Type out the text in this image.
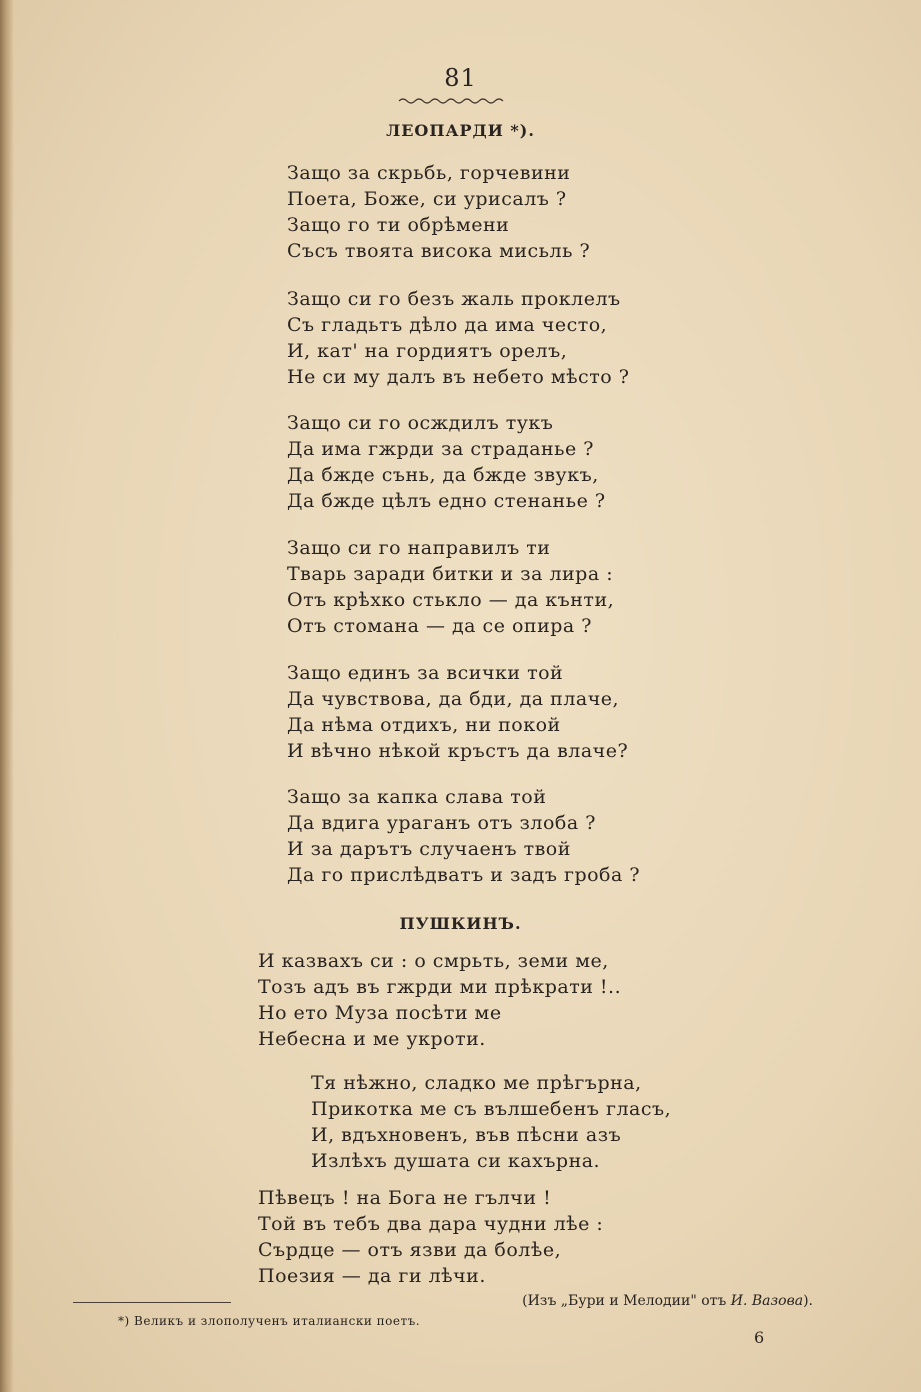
81
ЛЕОПАРДИ *).
Защо за скрьбь, горчевини
Поета, Боже, си урисалъ ?
Защо го ти обрѣмени
Съсъ твоята висока мисьль ?
Защо си го безъ жаль проклелъ
Съ гладьтъ дѣло да има често,
И, кат' на гордиятъ орелъ,
Не си му далъ въ небето мѣсто ?
Защо си го осждилъ тукъ
Да има гжрди за страданье ?
Да бжде сънь, да бжде звукъ,
Да бжде цѣлъ едно стенанье ?
Защо си го направилъ ти
Тварь заради битки и за лира :
Отъ крѣхко стькло — да кънти,
Отъ стомана — да се опира ?
Защо единъ за всички той
Да чувствова, да бди, да плаче,
Да нѣма отдихъ, ни покой
И вѣчно нѣкой кръстъ да влаче?
Защо за капка слава той
Да вдига ураганъ отъ злоба ?
И за дарътъ случаенъ твой
Да го прислѣдватъ и задъ гроба ?
ПУШКИНЪ.
И казвахъ си : о смрьть, земи ме,
Тозъ адъ въ гжрди ми прѣкрати !..
Но ето Муза посѣти ме
Небесна и ме укроти.
Тя нѣжно, сладко ме прѣгърна,
Прикотка ме съ вълшебенъ гласъ,
И, вдъхновенъ, във пѣсни азъ
Излѣхъ душата си кахърна.
Пѣвецъ ! на Бога не гълчи !
Той въ тебъ два дара чудни лѣе :
Сърдце — отъ язви да болѣе,
Поезия — да ги лѣчи.
(Изъ „Бури и Мелодии" отъ И. Вазова).
*) Великъ и злополученъ италиански поетъ.
6
